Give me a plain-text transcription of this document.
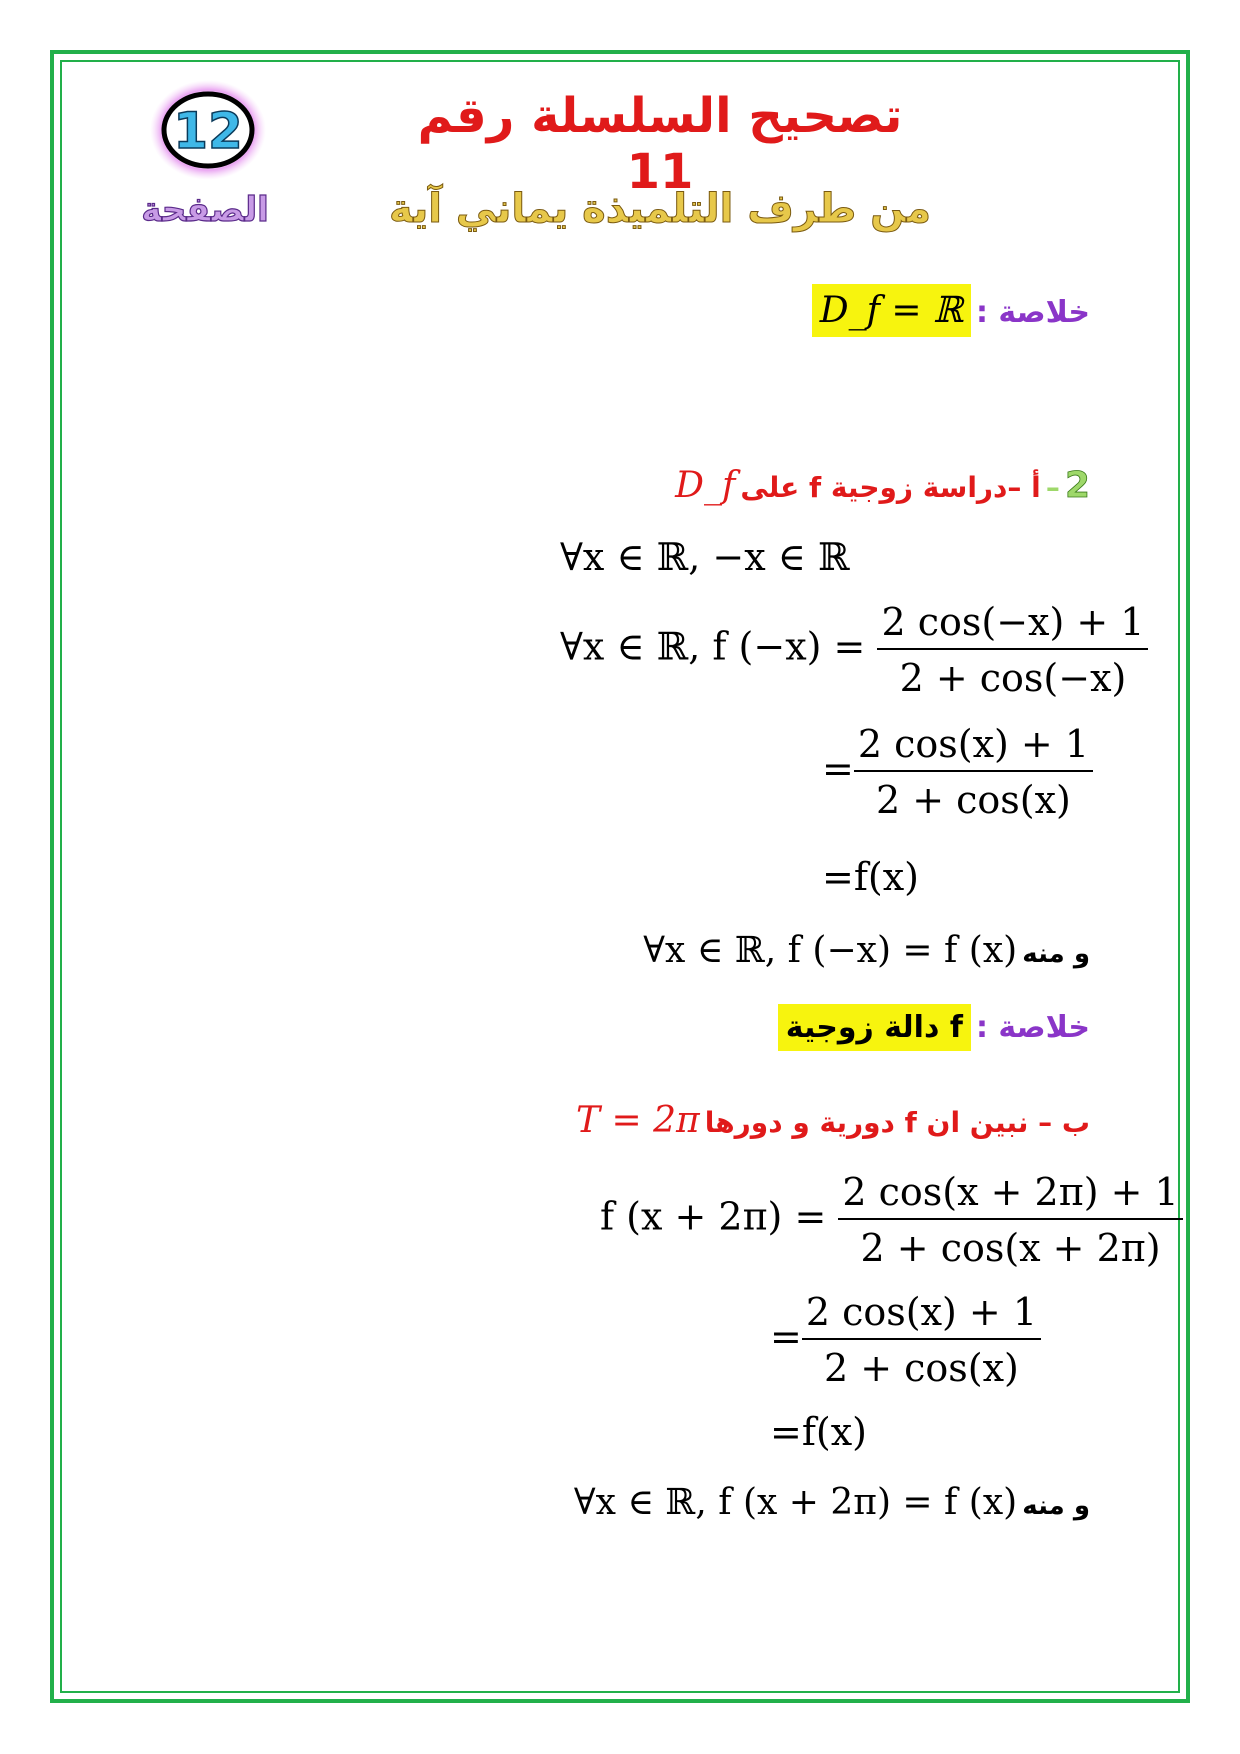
12
الصفحة
تصحيح السلسلة رقم 11
من طرف التلميذة يماني آية
خلاصة : D_f = ℝ
2 – أ –دراسة زوجية f على D_f
∀x ∈ ℝ, −x ∈ ℝ
∀x ∈ ℝ, f $(-x) = \frac{2 \cos(-x) + 1}{2 + \cos(-x)}$
= $\frac{2 \cos(x) + 1}{2 + \cos(x)}$
=f(x)
و منه ∀x ∈ ℝ, f (−x) = f (x)
خلاصة : f دالة زوجية
ب – نبين ان f دورية و دورها T = 2π
f $(x + 2\pi) = \frac{2 \cos(x + 2\pi) + 1}{2 + \cos(x + 2\pi)}$
= $\frac{2 \cos(x) + 1}{2 + \cos(x)}$
=f(x)
و منه ∀x ∈ ℝ, f (x + 2π) = f (x)
